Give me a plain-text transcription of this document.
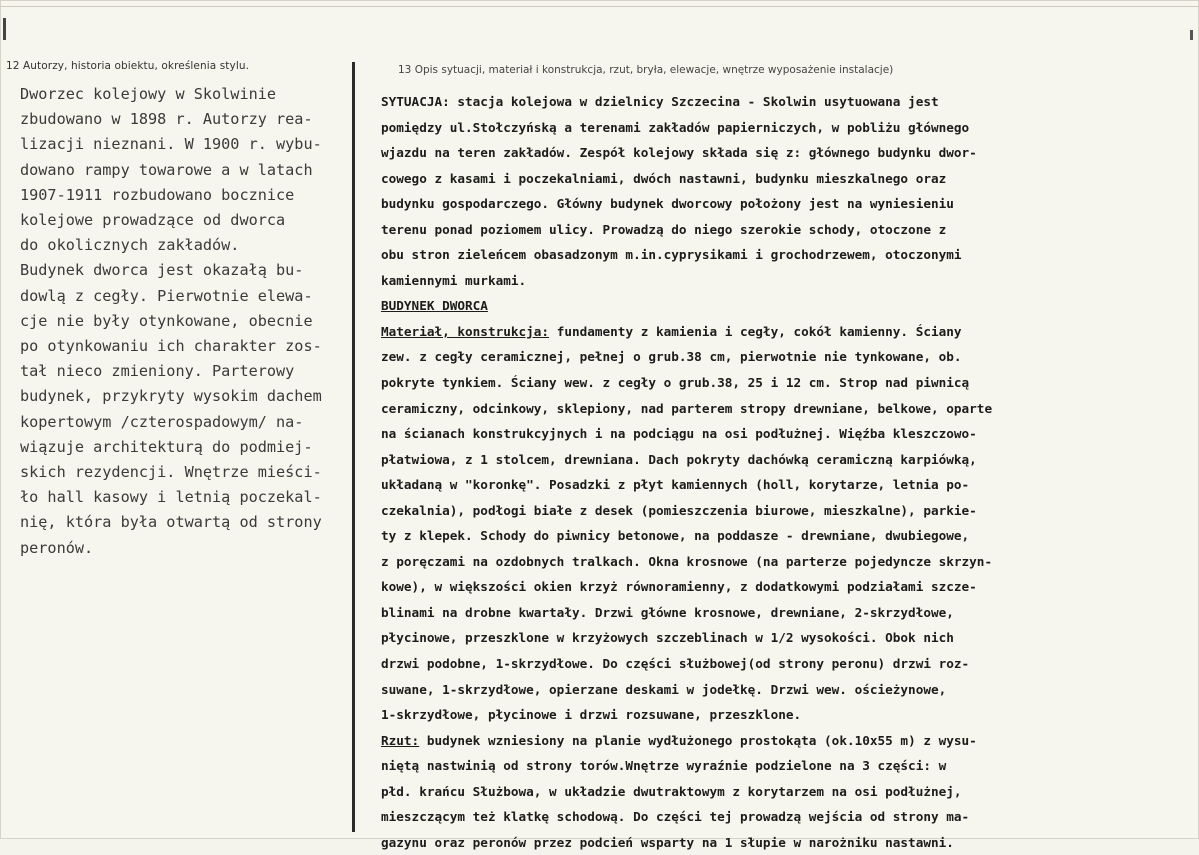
12 Autorzy, historia obiektu, określenia stylu.	13 Opis sytuacji, materiał i konstrukcja, rzut, bryła, elewacje, wnętrze wyposażenie instalacje)
Dworzec kolejowy w Skolwinie
zbudowano w 1898 r. Autorzy rea-
lizacji nieznani. W 1900 r. wybu-
dowano rampy towarowe a w latach
1907-1911 rozbudowano bocznice
kolejowe prowadzące od dworca
do okolicznych zakładów.
Budynek dworca jest okazałą bu-
dowlą z cegły. Pierwotnie elewa-
cje nie były otynkowane, obecnie
po otynkowaniu ich charakter zos-
tał nieco zmieniony. Parterowy
budynek, przykryty wysokim dachem
kopertowym /czterospadowym/ na-
wiązuje architekturą do podmiej-
skich rezydencji. Wnętrze mieści-
ło hall kasowy i letnią poczekal-
nię, która była otwartą od strony
peronów.
SYTUACJA: stacja kolejowa w dzielnicy Szczecina - Skolwin usytuowana jest
pomiędzy ul.Stołczyńską a terenami zakładów papierniczych, w pobliżu głównego
wjazdu na teren zakładów. Zespół kolejowy składa się z: głównego budynku dwor-
cowego z kasami i poczekalniami, dwóch nastawni, budynku mieszkalnego oraz
budynku gospodarczego. Główny budynek dworcowy położony jest na wyniesieniu
terenu ponad poziomem ulicy. Prowadzą do niego szerokie schody, otoczone z
obu stron zieleńcem obasadzonym m.in.cyprysikami i grochodrzewem, otoczonymi
kamiennymi murkami.
BUDYNEK DWORCA
Materiał, konstrukcja: fundamenty z kamienia i cegły, cokół kamienny. Ściany
zew. z cegły ceramicznej, pełnej o grub.38 cm, pierwotnie nie tynkowane, ob.
pokryte tynkiem. Ściany wew. z cegły o grub.38, 25 i 12 cm. Strop nad piwnicą
ceramiczny, odcinkowy, sklepiony, nad parterem stropy drewniane, belkowe, oparte
na ścianach konstrukcyjnych i na podciągu na osi podłużnej. Więźba kleszczowo-
płatwiowa, z 1 stolcem, drewniana. Dach pokryty dachówką ceramiczną karpiówką,
układaną w "koronkę". Posadzki z płyt kamiennych (holl, korytarze, letnia po-
czekalnia), podłogi białe z desek (pomieszczenia biurowe, mieszkalne), parkie-
ty z klepek. Schody do piwnicy betonowe, na poddasze - drewniane, dwubiegowe,
z poręczami na ozdobnych tralkach. Okna krosnowe (na parterze pojedyncze skrzyn-
kowe), w większości okien krzyż równoramienny, z dodatkowymi podziałami szcze-
blinami na drobne kwartały. Drzwi główne krosnowe, drewniane, 2-skrzydłowe,
płycinowe, przeszklone w krzyżowych szczeblinach w 1/2 wysokości. Obok nich
drzwi podobne, 1-skrzydłowe. Do części służbowej(od strony peronu) drzwi roz-
suwane, 1-skrzydłowe, opierzane deskami w jodełkę. Drzwi wew. ościeżynowe,
1-skrzydłowe, płycinowe i drzwi rozsuwane, przeszklone.
Rzut: budynek wzniesiony na planie wydłużonego prostokąta (ok.10x55 m) z wysu-
niętą nastwinią od strony torów.Wnętrze wyraźnie podzielone na 3 części: w
płd. krańcu Służbowa, w układzie dwutraktowym z korytarzem na osi podłużnej,
mieszczącym też klatkę schodową. Do części tej prowadzą wejścia od strony ma-
gazynu oraz peronów przez podcień wsparty na 1 słupie w narożniku nastawni.
